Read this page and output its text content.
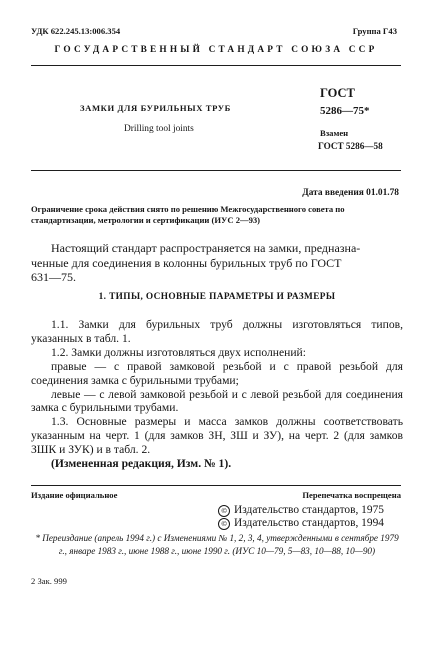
УДК 622.245.13:006.354	Группа Г43
ГОСУДАРСТВЕННЫЙ СТАНДАРТ СОЮЗА ССР
ЗАМКИ ДЛЯ БУРИЛЬНЫХ ТРУБ
Drilling tool joints
ГОСТ
5286—75*
Взамен
ГОСТ 5286—58
Дата введения 01.01.78
Ограничение срока действия снято по решению Межгосударственного совета по стандартизации, метрологии и сертификации (ИУС 2—93)
Настоящий стандарт распространяется на замки, предназна-
ченные для соединения в колонны бурильных труб по ГОСТ
631—75.
1. ТИПЫ, ОСНОВНЫЕ ПАРАМЕТРЫ И РАЗМЕРЫ

1.1. Замки для бурильных труб должны изготовляться типов, указанных в табл. 1.

1.2. Замки должны изготовляться двух исполнений:

правые — с правой замковой резьбой и с правой резьбой для соединения замка с бурильными трубами;

левые — с левой замковой резьбой и с левой резьбой для соединения замка с бурильными трубами.

1.3. Основные размеры и масса замков должны соответствовать указанным на черт. 1 (для замков ЗН, ЗШ и ЗУ), на черт. 2 (для замков ЗШК и ЗУК) и в табл. 2.

(Измененная редакция, Изм. № 1).

Издание официальное	Перепечатка воспрещена
© Издательство стандартов, 1975
© Издательство стандартов, 1994
* Переиздание (апрель 1994 г.) с Изменениями № 1, 2, 3, 4, утвержденными в сентябре 1979 г., январе 1983 г., июне 1988 г., июне 1990 г. (ИУС 10—79, 5—83, 10—88, 10—90)
2 Зак. 999
